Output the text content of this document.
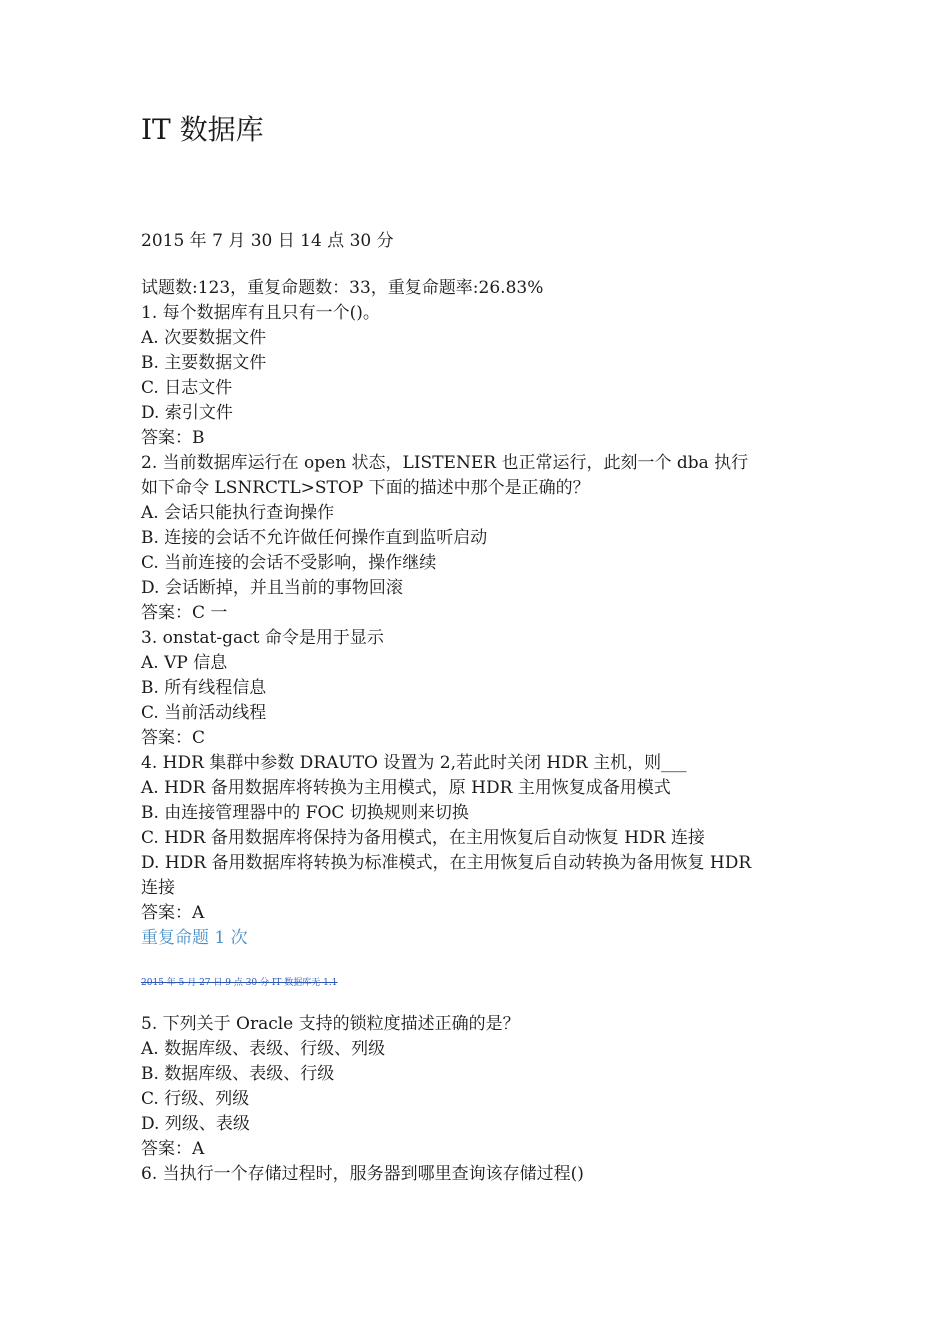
IT 数据库
2015 年 7 月 30 日 14 点 30 分
试题数:123，重复命题数：33，重复命题率:26.83%
1. 每个数据库有且只有一个()。
A. 次要数据文件
B. 主要数据文件
C. 日志文件
D. 索引文件
答案：B
2. 当前数据库运行在 open 状态，LISTENER 也正常运行，此刻一个 dba 执行
如下命令 LSNRCTL>STOP 下面的描述中那个是正确的？
A. 会话只能执行查询操作
B. 连接的会话不允许做任何操作直到监听启动
C. 当前连接的会话不受影响，操作继续
D. 会话断掉，并且当前的事物回滚
答案：C 一
3. onstat-gact 命令是用于显示
A. VP 信息
B. 所有线程信息
C. 当前活动线程
答案：C
4. HDR 集群中参数 DRAUTO 设置为 2,若此时关闭 HDR 主机，则___
A. HDR 备用数据库将转换为主用模式，原 HDR 主用恢复成备用模式
B. 由连接管理器中的 FOC 切换规则来切换
C. HDR 备用数据库将保持为备用模式，在主用恢复后自动恢复 HDR 连接
D. HDR 备用数据库将转换为标准模式，在主用恢复后自动转换为备用恢复 HDR
连接
答案：A
重复命题 1 次
2015 年 5 月 27 日 9 点 30 分 IT 数据库无 1.1
5. 下列关于 Oracle 支持的锁粒度描述正确的是？
A. 数据库级、表级、行级、列级
B. 数据库级、表级、行级
C. 行级、列级
D. 列级、表级
答案：A
6. 当执行一个存储过程时，服务器到哪里查询该存储过程()
